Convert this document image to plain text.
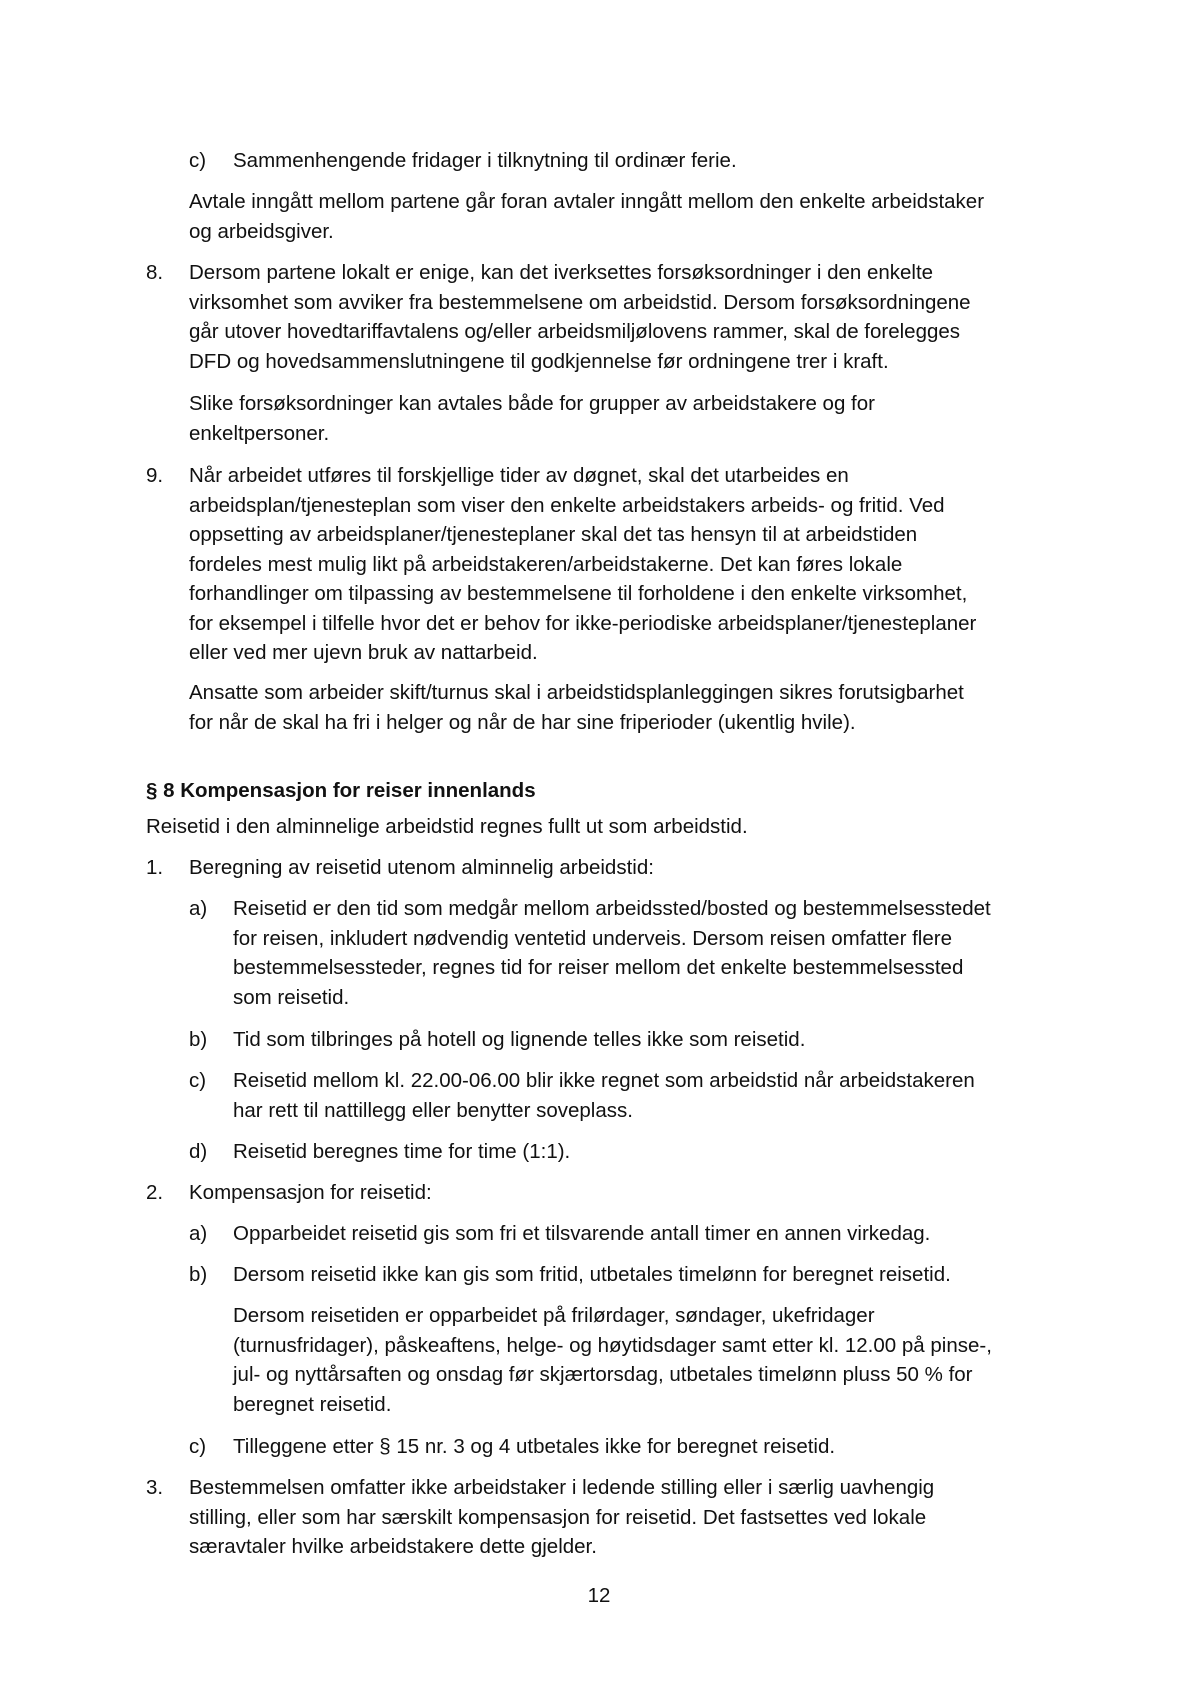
c) Sammenhengende fridager i tilknytning til ordinær ferie.

Avtale inngått mellom partene går foran avtaler inngått mellom den enkelte arbeidstaker
og arbeidsgiver.

8. Dersom partene lokalt er enige, kan det iverksettes forsøksordninger i den enkelte
virksomhet som avviker fra bestemmelsene om arbeidstid. Dersom forsøksordningene
går utover hovedtariffavtalens og/eller arbeidsmiljølovens rammer, skal de forelegges
DFD og hovedsammenslutningene til godkjennelse før ordningene trer i kraft.

Slike forsøksordninger kan avtales både for grupper av arbeidstakere og for
enkeltpersoner.

9. Når arbeidet utføres til forskjellige tider av døgnet, skal det utarbeides en
arbeidsplan/tjenesteplan som viser den enkelte arbeidstakers arbeids- og fritid. Ved
oppsetting av arbeidsplaner/tjenesteplaner skal det tas hensyn til at arbeidstiden
fordeles mest mulig likt på arbeidstakeren/arbeidstakerne. Det kan føres lokale
forhandlinger om tilpassing av bestemmelsene til forholdene i den enkelte virksomhet,
for eksempel i tilfelle hvor det er behov for ikke-periodiske arbeidsplaner/tjenesteplaner
eller ved mer ujevn bruk av nattarbeid.

Ansatte som arbeider skift/turnus skal i arbeidstidsplanleggingen sikres forutsigbarhet
for når de skal ha fri i helger og når de har sine friperioder (ukentlig hvile).

§ 8 Kompensasjon for reiser innenlands

Reisetid i den alminnelige arbeidstid regnes fullt ut som arbeidstid.

1. Beregning av reisetid utenom alminnelig arbeidstid:

a) Reisetid er den tid som medgår mellom arbeidssted/bosted og bestemmelsesstedet
for reisen, inkludert nødvendig ventetid underveis. Dersom reisen omfatter flere
bestemmelsessteder, regnes tid for reiser mellom det enkelte bestemmelsessted
som reisetid.

b) Tid som tilbringes på hotell og lignende telles ikke som reisetid.

c) Reisetid mellom kl. 22.00-06.00 blir ikke regnet som arbeidstid når arbeidstakeren
har rett til nattillegg eller benytter soveplass.

d) Reisetid beregnes time for time (1:1).

2. Kompensasjon for reisetid:

a) Opparbeidet reisetid gis som fri et tilsvarende antall timer en annen virkedag.

b) Dersom reisetid ikke kan gis som fritid, utbetales timelønn for beregnet reisetid.

Dersom reisetiden er opparbeidet på frilørdager, søndager, ukefridager
(turnusfridager), påskeaftens, helge- og høytidsdager samt etter kl. 12.00 på pinse-,
jul- og nyttårsaften og onsdag før skjærtorsdag, utbetales timelønn pluss 50 % for
beregnet reisetid.

c) Tilleggene etter § 15 nr. 3 og 4 utbetales ikke for beregnet reisetid.

3. Bestemmelsen omfatter ikke arbeidstaker i ledende stilling eller i særlig uavhengig
stilling, eller som har særskilt kompensasjon for reisetid. Det fastsettes ved lokale
særavtaler hvilke arbeidstakere dette gjelder.

12
